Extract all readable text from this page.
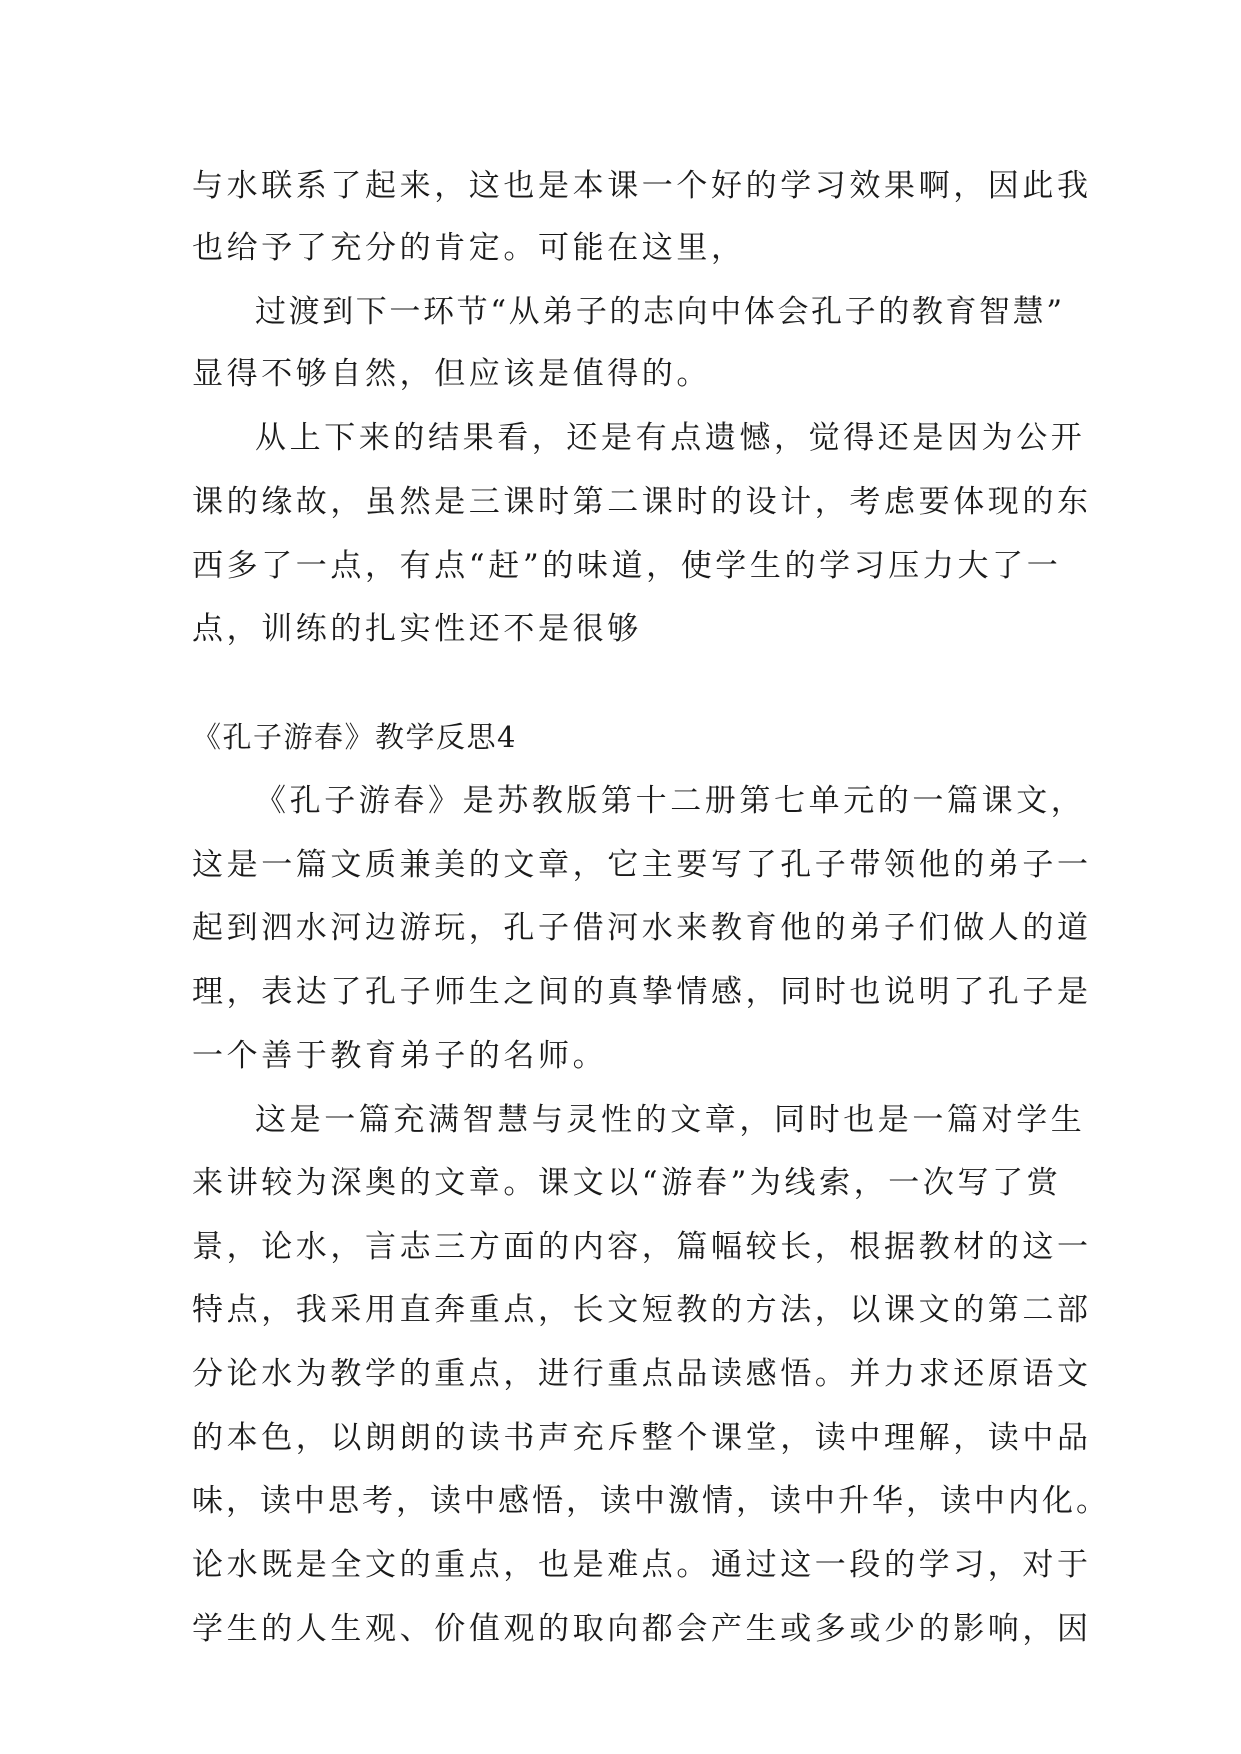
与水联系了起来，这也是本课一个好的学习效果啊，因此我

也给予了充分的肯定。可能在这里，

过渡到下一环节“从弟子的志向中体会孔子的教育智慧”

显得不够自然，但应该是值得的。

从上下来的结果看，还是有点遗憾，觉得还是因为公开

课的缘故，虽然是三课时第二课时的设计，考虑要体现的东

西多了一点，有点“赶”的味道，使学生的学习压力大了一

点，训练的扎实性还不是很够

《孔子游春》教学反思4

《孔子游春》是苏教版第十二册第七单元的一篇课文，

这是一篇文质兼美的文章，它主要写了孔子带领他的弟子一

起到泗水河边游玩，孔子借河水来教育他的弟子们做人的道

理，表达了孔子师生之间的真挚情感，同时也说明了孔子是

一个善于教育弟子的名师。

这是一篇充满智慧与灵性的文章，同时也是一篇对学生

来讲较为深奥的文章。课文以“游春”为线索，一次写了赏

景，论水，言志三方面的内容，篇幅较长，根据教材的这一

特点，我采用直奔重点，长文短教的方法，以课文的第二部

分论水为教学的重点，进行重点品读感悟。并力求还原语文

的本色，以朗朗的读书声充斥整个课堂，读中理解，读中品

味，读中思考，读中感悟，读中激情，读中升华，读中内化。

论水既是全文的重点，也是难点。通过这一段的学习，对于

学生的人生观、价值观的取向都会产生或多或少的影响，因
